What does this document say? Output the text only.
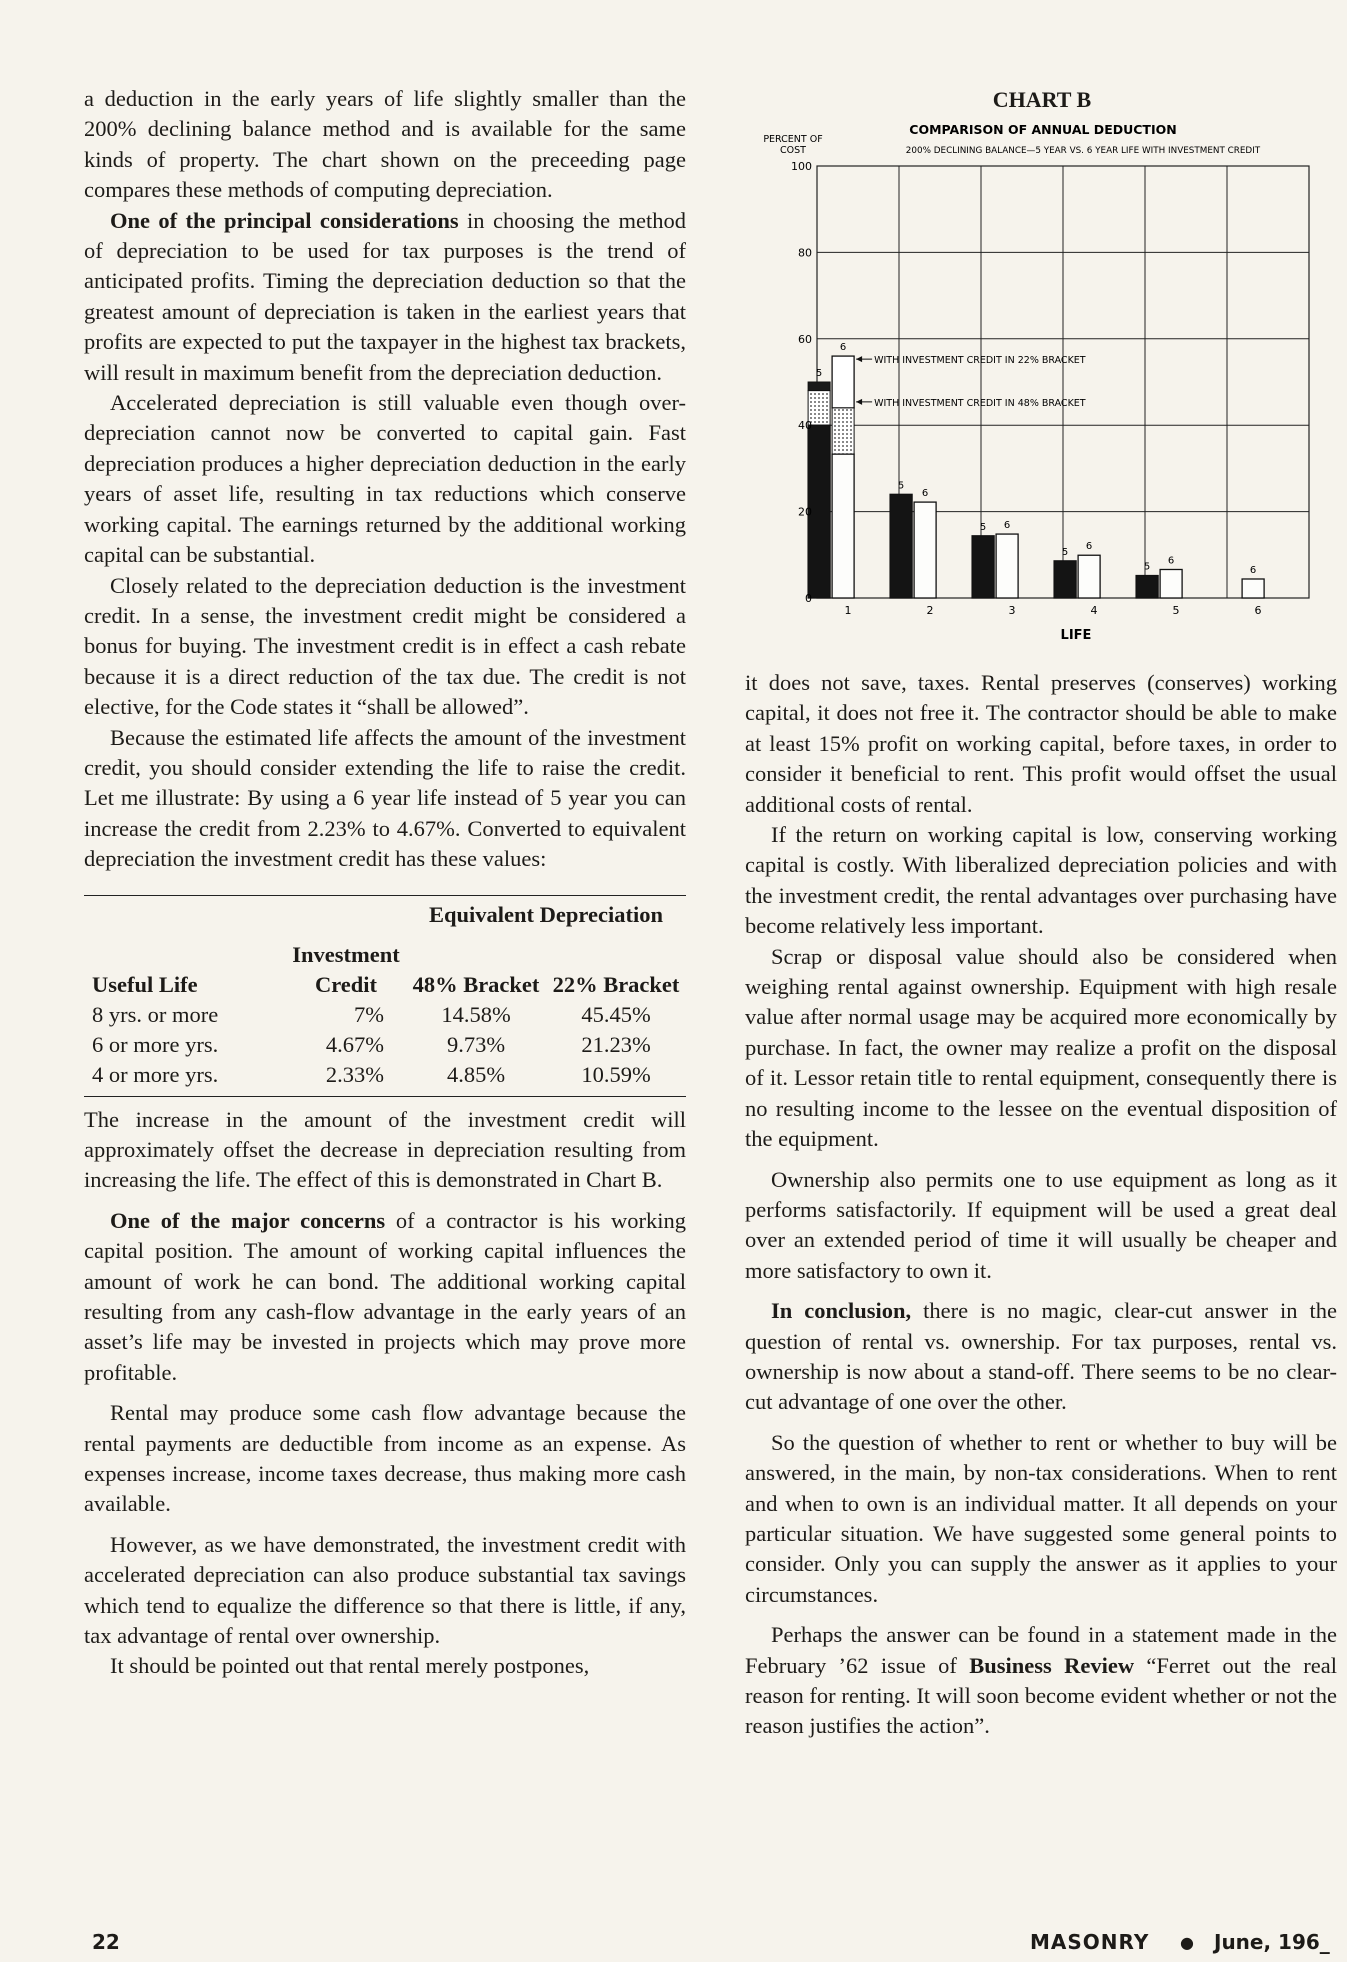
a deduction in the early years of life slightly smaller than the 200% declining balance method and is available for the same kinds of property. The chart shown on the preceeding page compares these methods of computing depreciation.

One of the principal considerations in choosing the method of depreciation to be used for tax purposes is the trend of anticipated profits. Timing the depreciation deduction so that the greatest amount of depreciation is taken in the earliest years that profits are expected to put the taxpayer in the highest tax brackets, will result in maximum benefit from the depreciation deduction.

Accelerated depreciation is still valuable even though over-depreciation cannot now be converted to capital gain. Fast depreciation produces a higher depreciation deduction in the early years of asset life, resulting in tax reductions which conserve working capital. The earnings returned by the additional working capital can be substantial.

Closely related to the depreciation deduction is the investment credit. In a sense, the investment credit might be considered a bonus for buying. The investment credit is in effect a cash rebate because it is a direct reduction of the tax due. The credit is not elective, for the Code states it “shall be allowed”.

Because the estimated life affects the amount of the investment credit, you should consider extending the life to raise the credit. Let me illustrate: By using a 6 year life instead of 5 year you can increase the credit from 2.23% to 4.67%. Converted to equivalent depreciation the investment credit has these values:

		Equivalent Depreciation	
Useful Life	Investment Credit	48% Bracket	22% Bracket
8 yrs. or more	7%	14.58%	45.45%
6 or more yrs.	4.67%	9.73%	21.23%
4 or more yrs.	2.33%	4.85%	10.59%

The increase in the amount of the investment credit will approximately offset the decrease in depreciation resulting from increasing the life. The effect of this is demonstrated in Chart B.

One of the major concerns of a contractor is his working capital position. The amount of working capital influences the amount of work he can bond. The additional working capital resulting from any cash-flow advantage in the early years of an asset’s life may be invested in projects which may prove more profitable.

Rental may produce some cash flow advantage because the rental payments are deductible from income as an expense. As expenses increase, income taxes decrease, thus making more cash available.

However, as we have demonstrated, the investment credit with accelerated depreciation can also produce substantial tax savings which tend to equalize the difference so that there is little, if any, tax advantage of rental over ownership.

It should be pointed out that rental merely postpones,

CHART B
COMPARISON OF ANNUAL DEDUCTION
200% DECLINING BALANCE—5 YEAR VS. 6 YEAR LIFE WITH INVESTMENT CREDIT
PERCENT OF
COST
0
20
40
60
80
100
5
6
1
5
6
2
5 6
3
5
6
4
5
6
5
6
6
WITH INVESTMENT CREDIT IN 22% BRACKET
WITH INVESTMENT CREDIT IN 48% BRACKET
LIFE

it does not save, taxes. Rental preserves (conserves) working capital, it does not free it. The contractor should be able to make at least 15% profit on working capital, before taxes, in order to consider it beneficial to rent. This profit would offset the usual additional costs of rental.

If the return on working capital is low, conserving working capital is costly. With liberalized depreciation policies and with the investment credit, the rental advantages over purchasing have become relatively less important.

Scrap or disposal value should also be considered when weighing rental against ownership. Equipment with high resale value after normal usage may be acquired more economically by purchase. In fact, the owner may realize a profit on the disposal of it. Lessor retain title to rental equipment, consequently there is no resulting income to the lessee on the eventual disposition of the equipment.

Ownership also permits one to use equipment as long as it performs satisfactorily. If equipment will be used a great deal over an extended period of time it will usually be cheaper and more satisfactory to own it.

In conclusion, there is no magic, clear-cut answer in the question of rental vs. ownership. For tax purposes, rental vs. ownership is now about a stand-off. There seems to be no clear-cut advantage of one over the other.

So the question of whether to rent or whether to buy will be answered, in the main, by non-tax considerations. When to rent and when to own is an individual matter. It all depends on your particular situation. We have suggested some general points to consider. Only you can supply the answer as it applies to your circumstances.

Perhaps the answer can be found in a statement made in the February ’62 issue of Business Review “Ferret out the real reason for renting. It will soon become evident whether or not the reason justifies the action”.

22	MASONRY ● June, 196_
